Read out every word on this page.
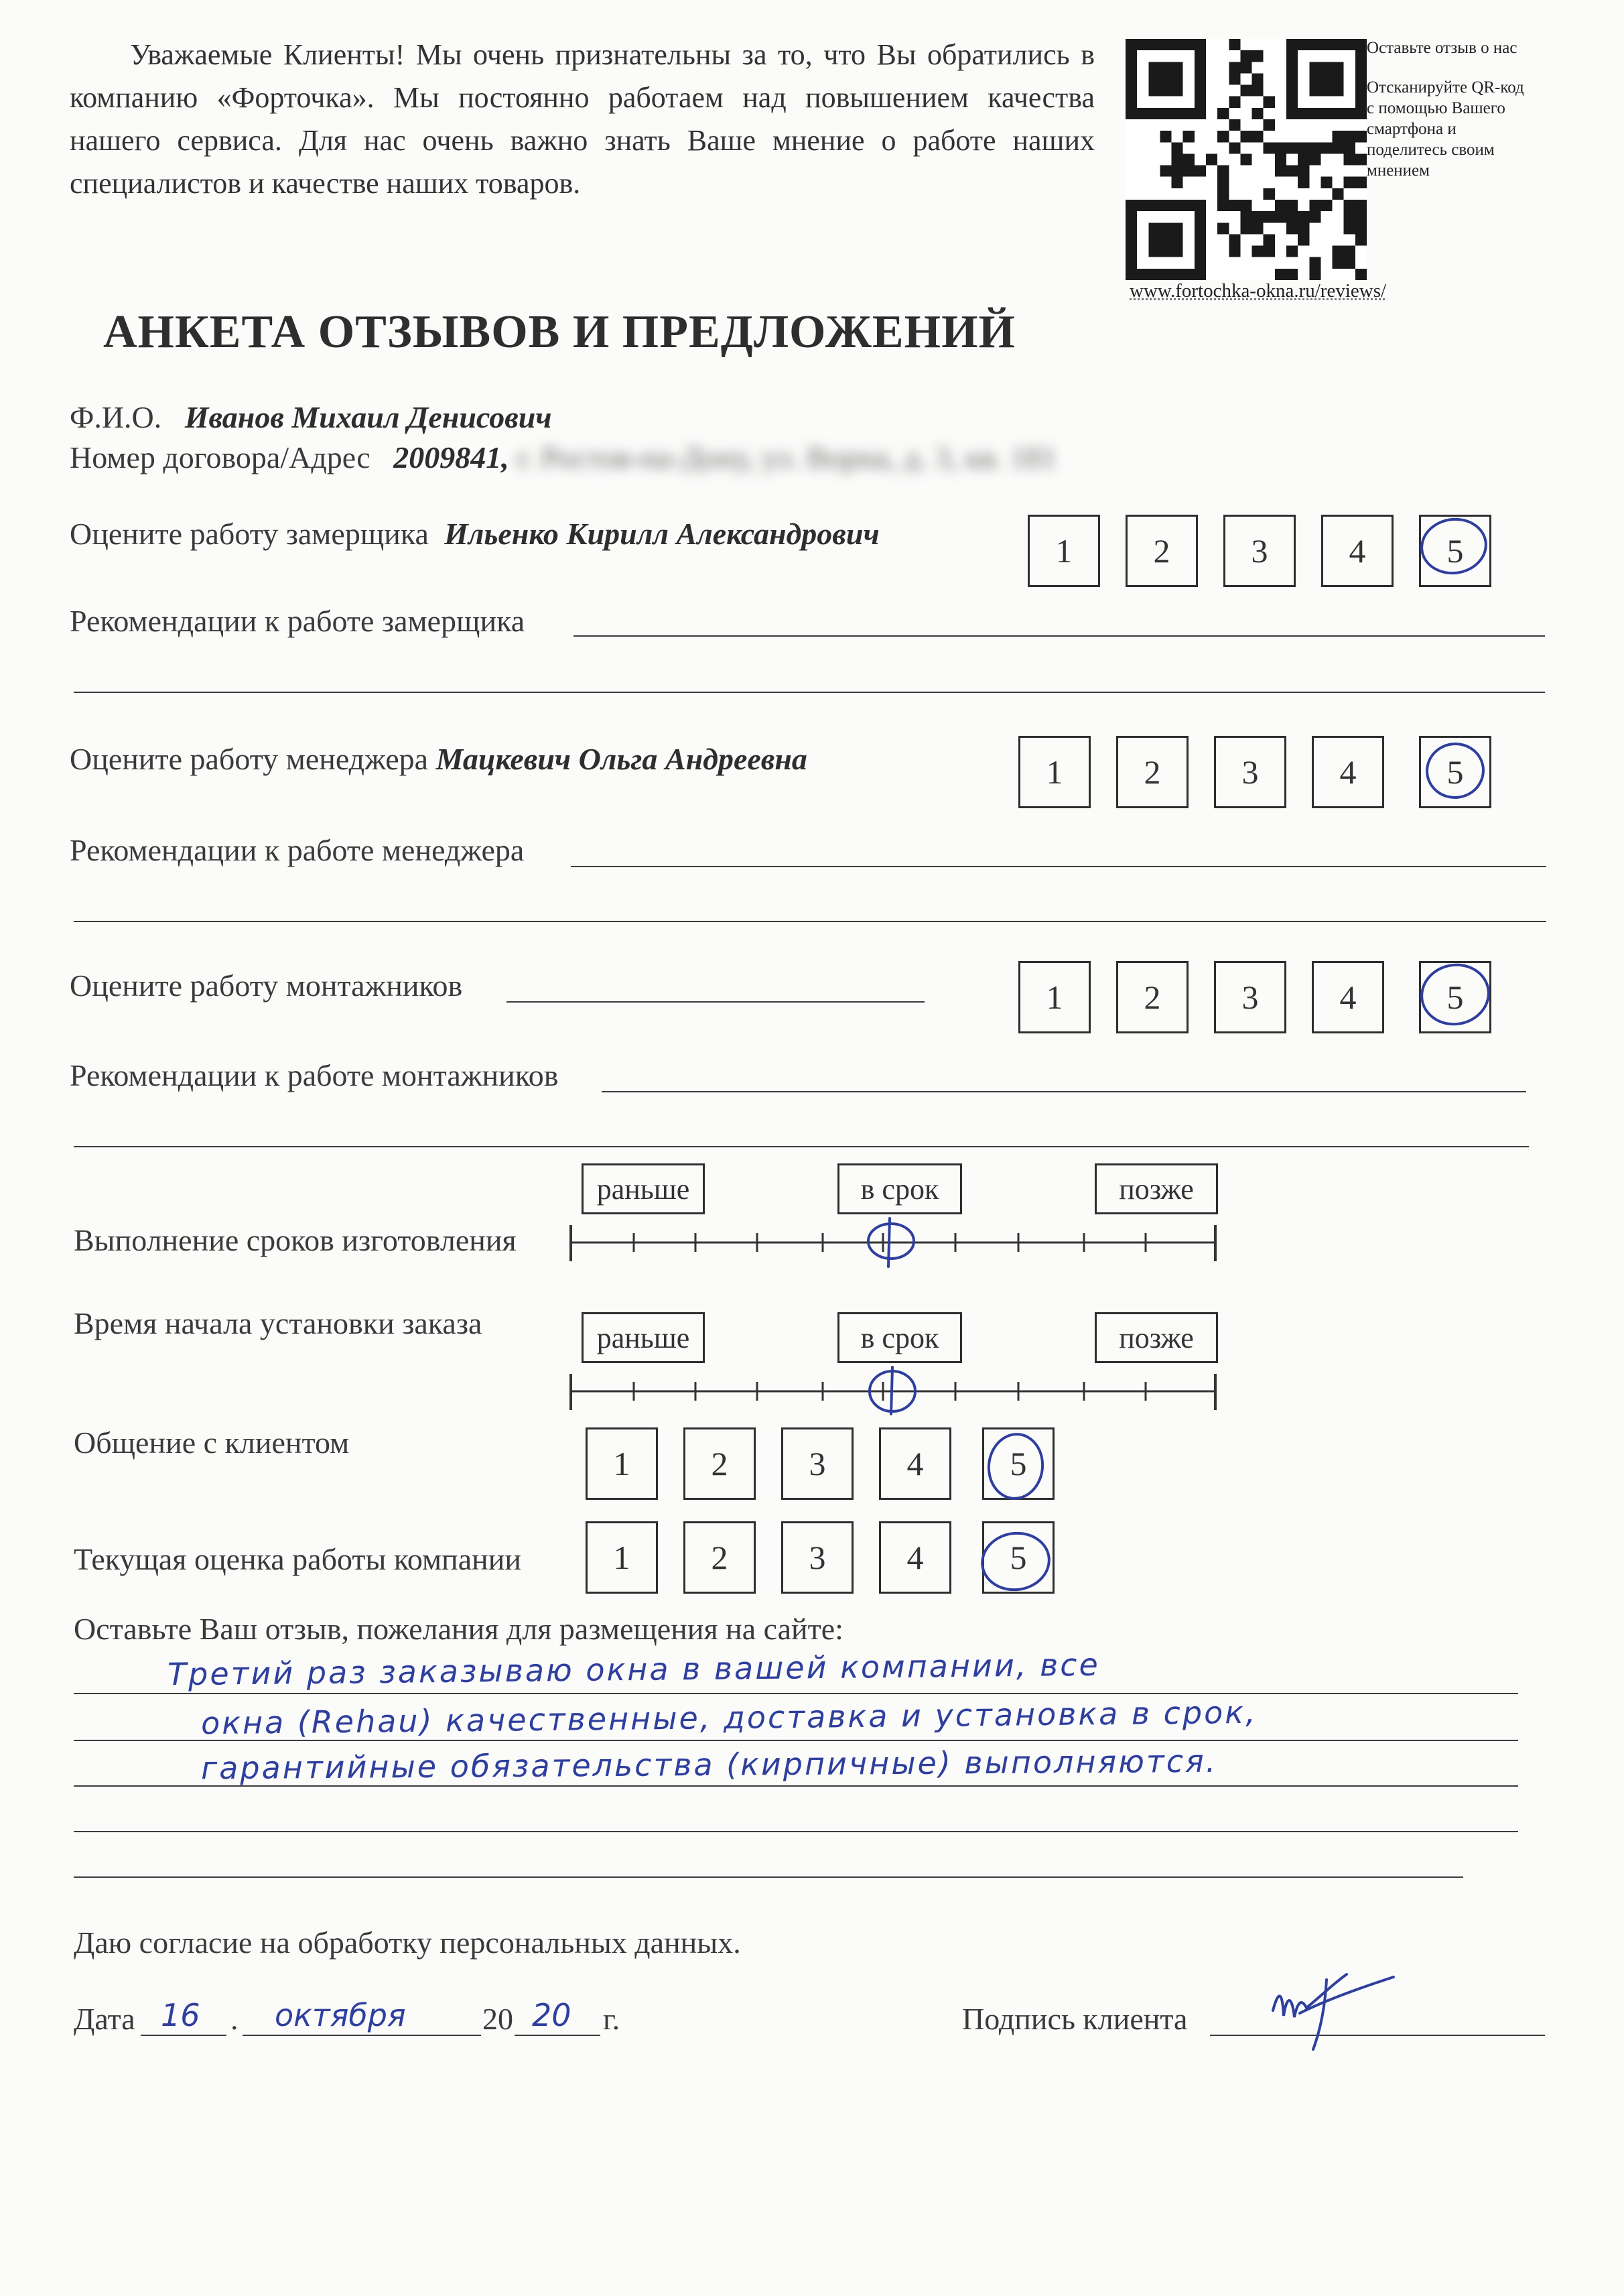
Уважаемые Клиенты! Мы очень признательны за то, что Вы обратились в компанию «Форточка». Мы постоянно работаем над повышением качества нашего сервиса. Для нас очень важно знать Ваше мнение о работе наших специалистов и качестве наших товаров.
Оставьте отзыв о нас
Отсканируйте QR-код с помощью Вашего смартфона и поделитесь своим мнением
www.fortochka-okna.ru/reviews/
АНКЕТА ОТЗЫВОВ И ПРЕДЛОЖЕНИЙ
Ф.И.О. Иванов Михаил Денисович
Номер договора/Адрес 2009841, г. Ростов-на-Дону, ул. Ворна, д. 3, кв. 181
Оцените работу замерщика Ильенко Кирилл Александрович	1	2	3	4	5
Рекомендации к работе замерщика
Оцените работу менеджера Мацкевич Ольга Андреевна	1	2	3	4	5
Рекомендации к работе менеджера
Оцените работу монтажников	1	2	3	4	5
Рекомендации к работе монтажников
раньше	в срок	позже
Выполнение сроков изготовления
Время начала установки заказа	раньше	в срок	позже
Общение с клиентом
1	2	3	4	5
Текущая оценка работы компании	1	2	3	4	5
Оставьте Ваш отзыв, пожелания для размещения на сайте:
Третий раз заказываю окна в вашей компании, все
окна (Rehau) качественные, доставка и установка в срок,
гарантийные обязательства (кирпичные) выполняются.
Даю согласие на обработку персональных данных.
Дата 16 . октября 20 20 г.	Подпись клиента
